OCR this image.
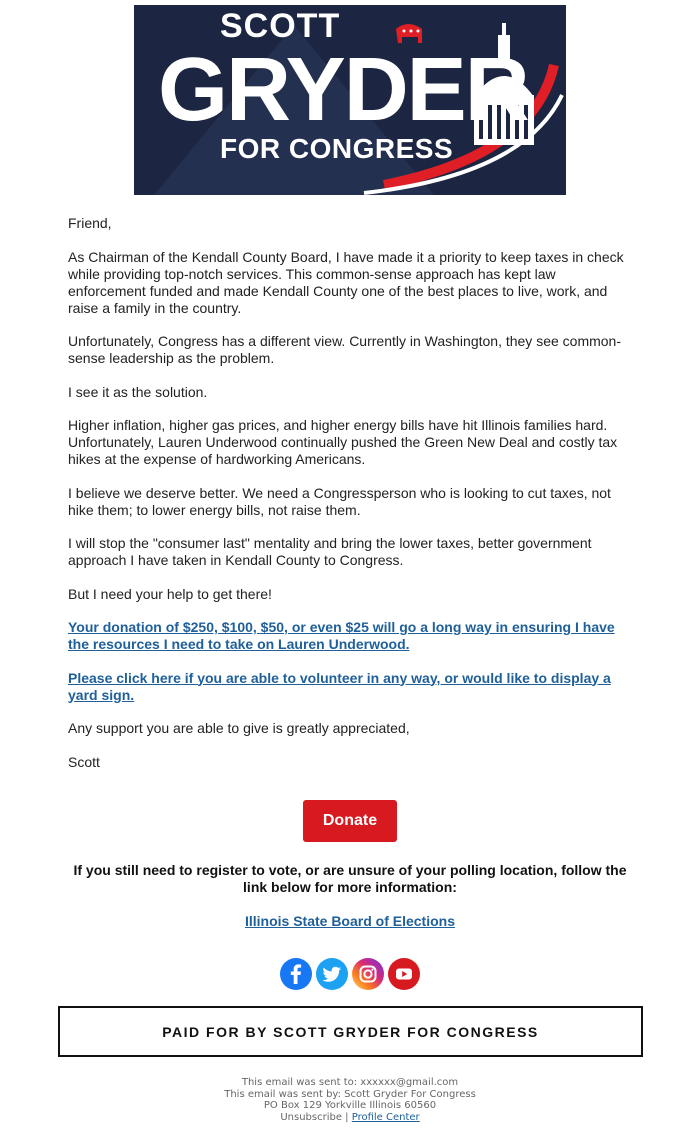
SCOTT
GRYDER
FOR CONGRESS

Friend,

As Chairman of the Kendall County Board, I have made it a priority to keep taxes in check while providing top-notch services. This common-sense approach has kept law enforcement funded and made Kendall County one of the best places to live, work, and raise a family in the country.

Unfortunately, Congress has a different view. Currently in Washington, they see common-sense leadership as the problem.

I see it as the solution.

Higher inflation, higher gas prices, and higher energy bills have hit Illinois families hard. Unfortunately, Lauren Underwood continually pushed the Green New Deal and costly tax hikes at the expense of hardworking Americans.

I believe we deserve better. We need a Congressperson who is looking to cut taxes, not hike them; to lower energy bills, not raise them.

I will stop the "consumer last" mentality and bring the lower taxes, better government approach I have taken in Kendall County to Congress.

But I need your help to get there!

Your donation of $250, $100, $50, or even $25 will go a long way in ensuring I have the resources I need to take on Lauren Underwood.

Please click here if you are able to volunteer in any way, or would like to display a yard sign.

Any support you are able to give is greatly appreciated,

Scott

Donate
If you still need to register to vote, or are unsure of your polling location, follow the link below for more information:
Illinois State Board of Elections
PAID FOR BY SCOTT GRYDER FOR CONGRESS
This email was sent to: xxxxxx@gmail.com
This email was sent by: Scott Gryder For Congress
PO Box 129 Yorkville Illinois 60560
Unsubscribe | Profile Center
